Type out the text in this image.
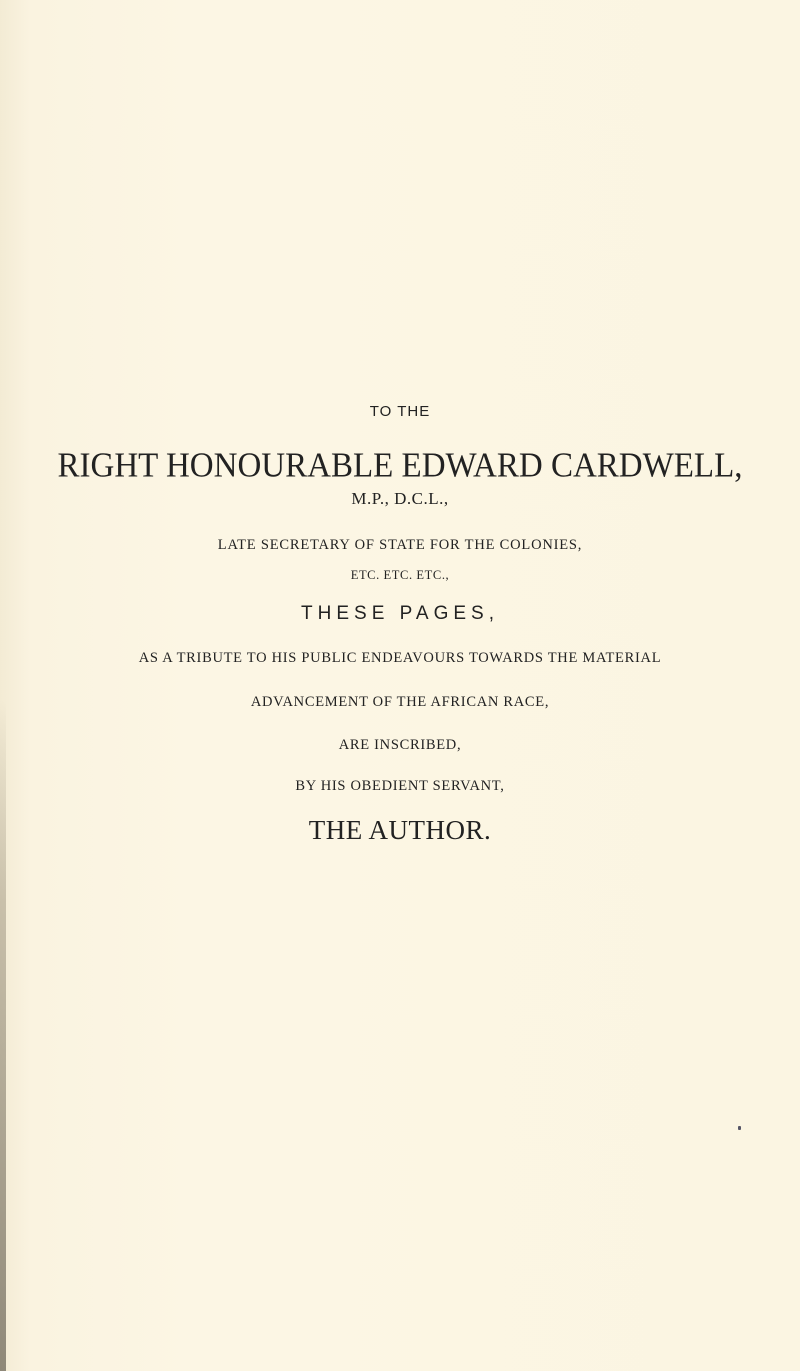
TO THE
RIGHT HONOURABLE EDWARD CARDWELL,
M.P., D.C.L.,
LATE SECRETARY OF STATE FOR THE COLONIES,
ETC. ETC. ETC.,
THESE PAGES,
AS A TRIBUTE TO HIS PUBLIC ENDEAVOURS TOWARDS THE MATERIAL
ADVANCEMENT OF THE AFRICAN RACE,
ARE INSCRIBED,
BY HIS OBEDIENT SERVANT,
THE AUTHOR.
